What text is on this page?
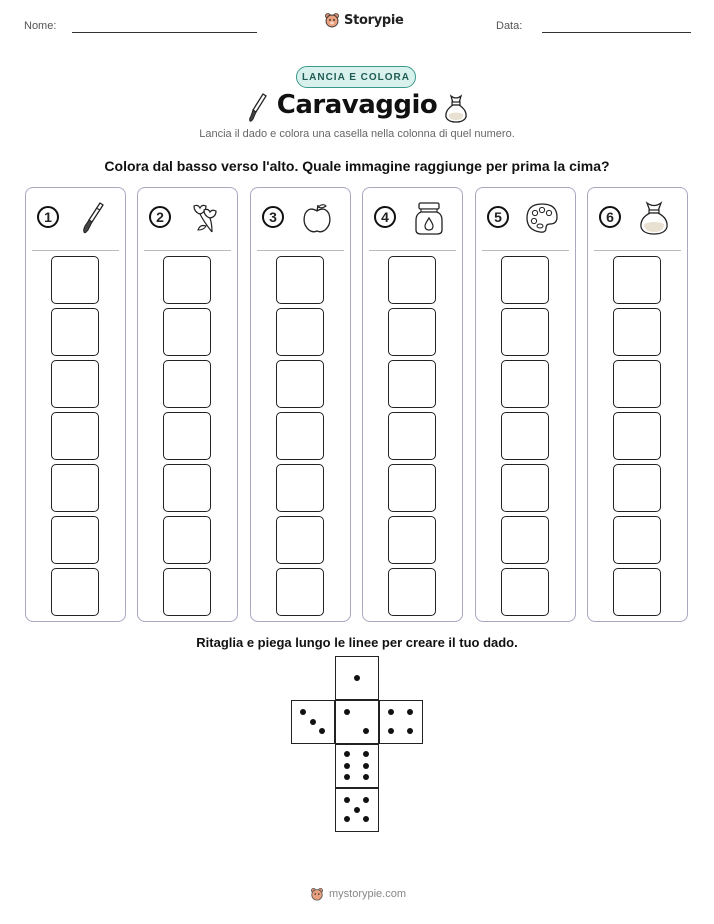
Nome:	Storypie	Data:
LANCIA E COLORA
Caravaggio
Lancia il dado e colora una casella nella colonna di quel numero.
Colora dal basso verso l'alto. Quale immagine raggiunge per prima la cima?
1	2	3	4	5	6
Ritaglia e piega lungo le linee per creare il tuo dado.
mystorypie.com
